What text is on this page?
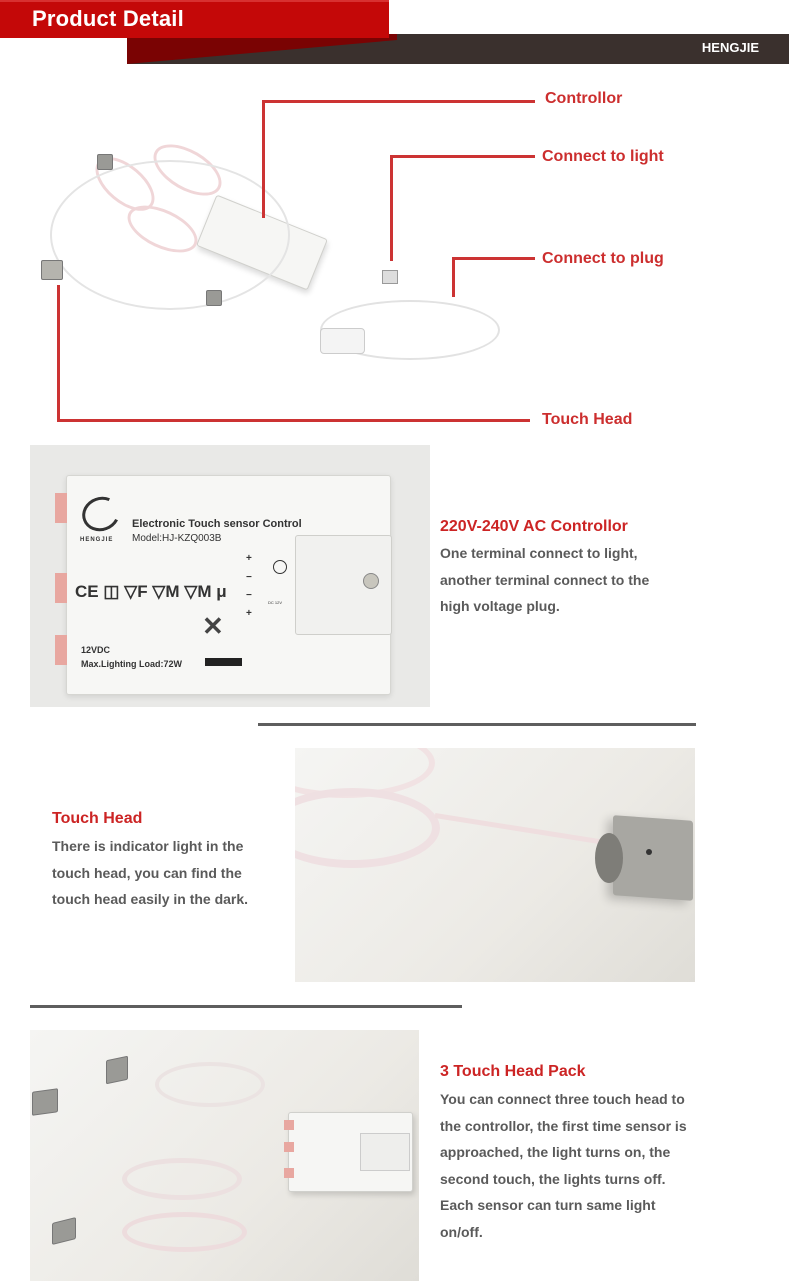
Product Detail
HENGJIE
Controllor
Connect to light
Connect to plug
Touch Head
HENGJIE
Electronic Touch sensor Control
Model:HJ-KZQ003B
CE ◫ ▽F ▽M ▽M μ
+
−
−
+
DC 12V
✕
12VDC
Max.Lighting Load:72W
220V-240V AC Controllor
One terminal connect to light,
another terminal connect to the
high voltage plug.
Touch Head
There is indicator light in the
touch head, you can find the
touch head easily in the dark.
3 Touch Head Pack
You can connect three touch head to
the controllor, the first time sensor is
approached, the light turns on, the
second touch, the lights turns off.
Each sensor can turn same light
on/off.
